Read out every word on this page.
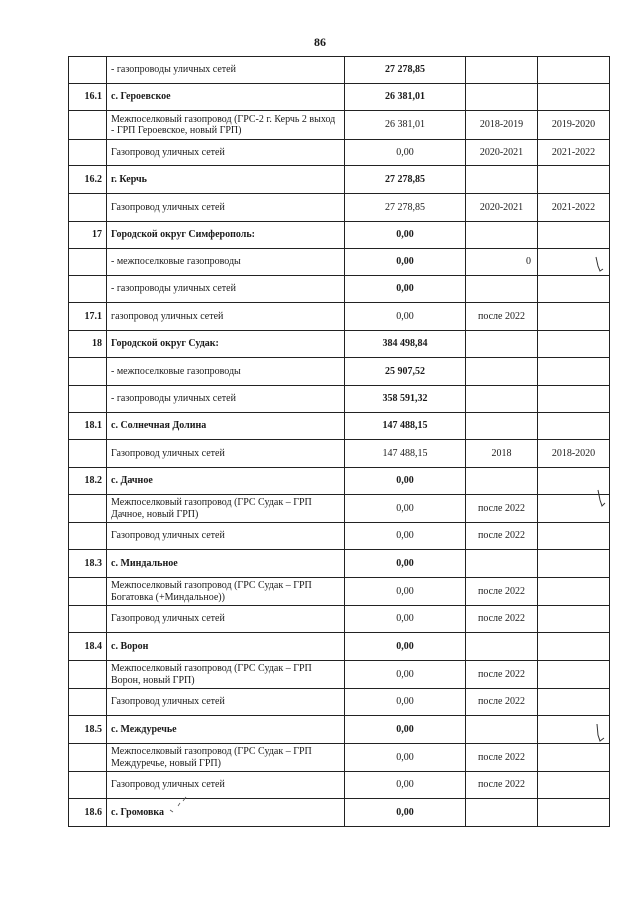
86
	- газопроводы уличных сетей	27 278,85		
16.1	с. Героевское	26 381,01		
	Межпоселковый газопровод (ГРС-2 г. Керчь 2 выход - ГРП Героевское, новый ГРП)	26 381,01	2018-2019	2019-2020
	Газопровод уличных сетей	0,00	2020-2021	2021-2022
16.2	г. Керчь	27 278,85		
	Газопровод уличных сетей	27 278,85	2020-2021	2021-2022
17	Городской округ Симферополь:	0,00		
	- межпоселковые газопроводы	0,00	0	
	- газопроводы уличных сетей	0,00		
17.1	газопровод уличных сетей	0,00	после 2022	
18	Городской округ Судак:	384 498,84		
	- межпоселковые газопроводы	25 907,52		
	- газопроводы уличных сетей	358 591,32		
18.1	с. Солнечная Долина	147 488,15		
	Газопровод уличных сетей	147 488,15	2018	2018-2020
18.2	с. Дачное	0,00		
	Межпоселковый газопровод (ГРС Судак – ГРП Дачное, новый ГРП)	0,00	после 2022	
	Газопровод уличных сетей	0,00	после 2022	
18.3	с. Миндальное	0,00		
	Межпоселковый газопровод (ГРС Судак – ГРП Богатовка (+Миндальное))	0,00	после 2022	
	Газопровод уличных сетей	0,00	после 2022	
18.4	с. Ворон	0,00		
	Межпоселковый газопровод (ГРС Судак – ГРП Ворон, новый ГРП)	0,00	после 2022	
	Газопровод уличных сетей	0,00	после 2022	
18.5	с. Междуречье	0,00		
	Межпоселковый газопровод (ГРС Судак – ГРП Междуречье, новый ГРП)	0,00	после 2022	
	Газопровод уличных сетей	0,00	после 2022	
18.6	с. Громовка	0,00		
